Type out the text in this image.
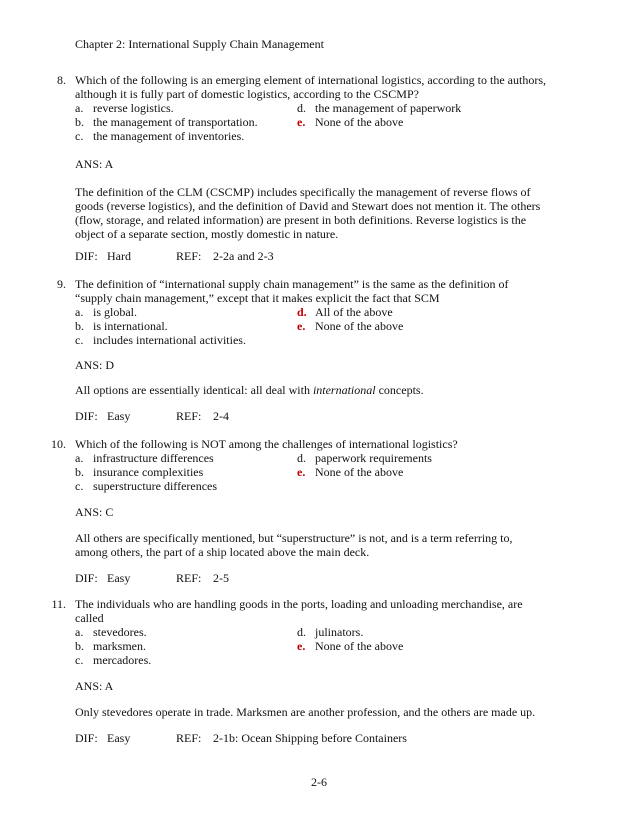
Chapter 2: International Supply Chain Management
8. Which of the following is an emerging element of international logistics, according to the authors,
although it is fully part of domestic logistics, according to the CSCMP?
a. reverse logistics.	d. the management of paperwork
b. the management of transportation.	e. None of the above
c. the management of inventories.
ANS: A
The definition of the CLM (CSCMP) includes specifically the management of reverse flows of
goods (reverse logistics), and the definition of David and Stewart does not mention it. The others
(flow, storage, and related information) are present in both definitions. Reverse logistics is the
object of a separate section, mostly domestic in nature.
DIF: Hard	REF: 2-2a and 2-3
9. The definition of “international supply chain management” is the same as the definition of
“supply chain management,” except that it makes explicit the fact that SCM
a. is global.	d. All of the above
b. is international.	e. None of the above
c. includes international activities.
ANS: D
All options are essentially identical: all deal with international concepts.
DIF: Easy	REF: 2-4
10. Which of the following is NOT among the challenges of international logistics?
a. infrastructure differences	d. paperwork requirements
b. insurance complexities	e. None of the above
c. superstructure differences
ANS: C
All others are specifically mentioned, but “superstructure” is not, and is a term referring to,
among others, the part of a ship located above the main deck.
DIF: Easy	REF: 2-5
11. The individuals who are handling goods in the ports, loading and unloading merchandise, are
called
a. stevedores.	d. julinators.
b. marksmen.	e. None of the above
c. mercadores.
ANS: A
Only stevedores operate in trade. Marksmen are another profession, and the others are made up.
DIF: Easy	REF: 2-1b: Ocean Shipping before Containers
2-6
